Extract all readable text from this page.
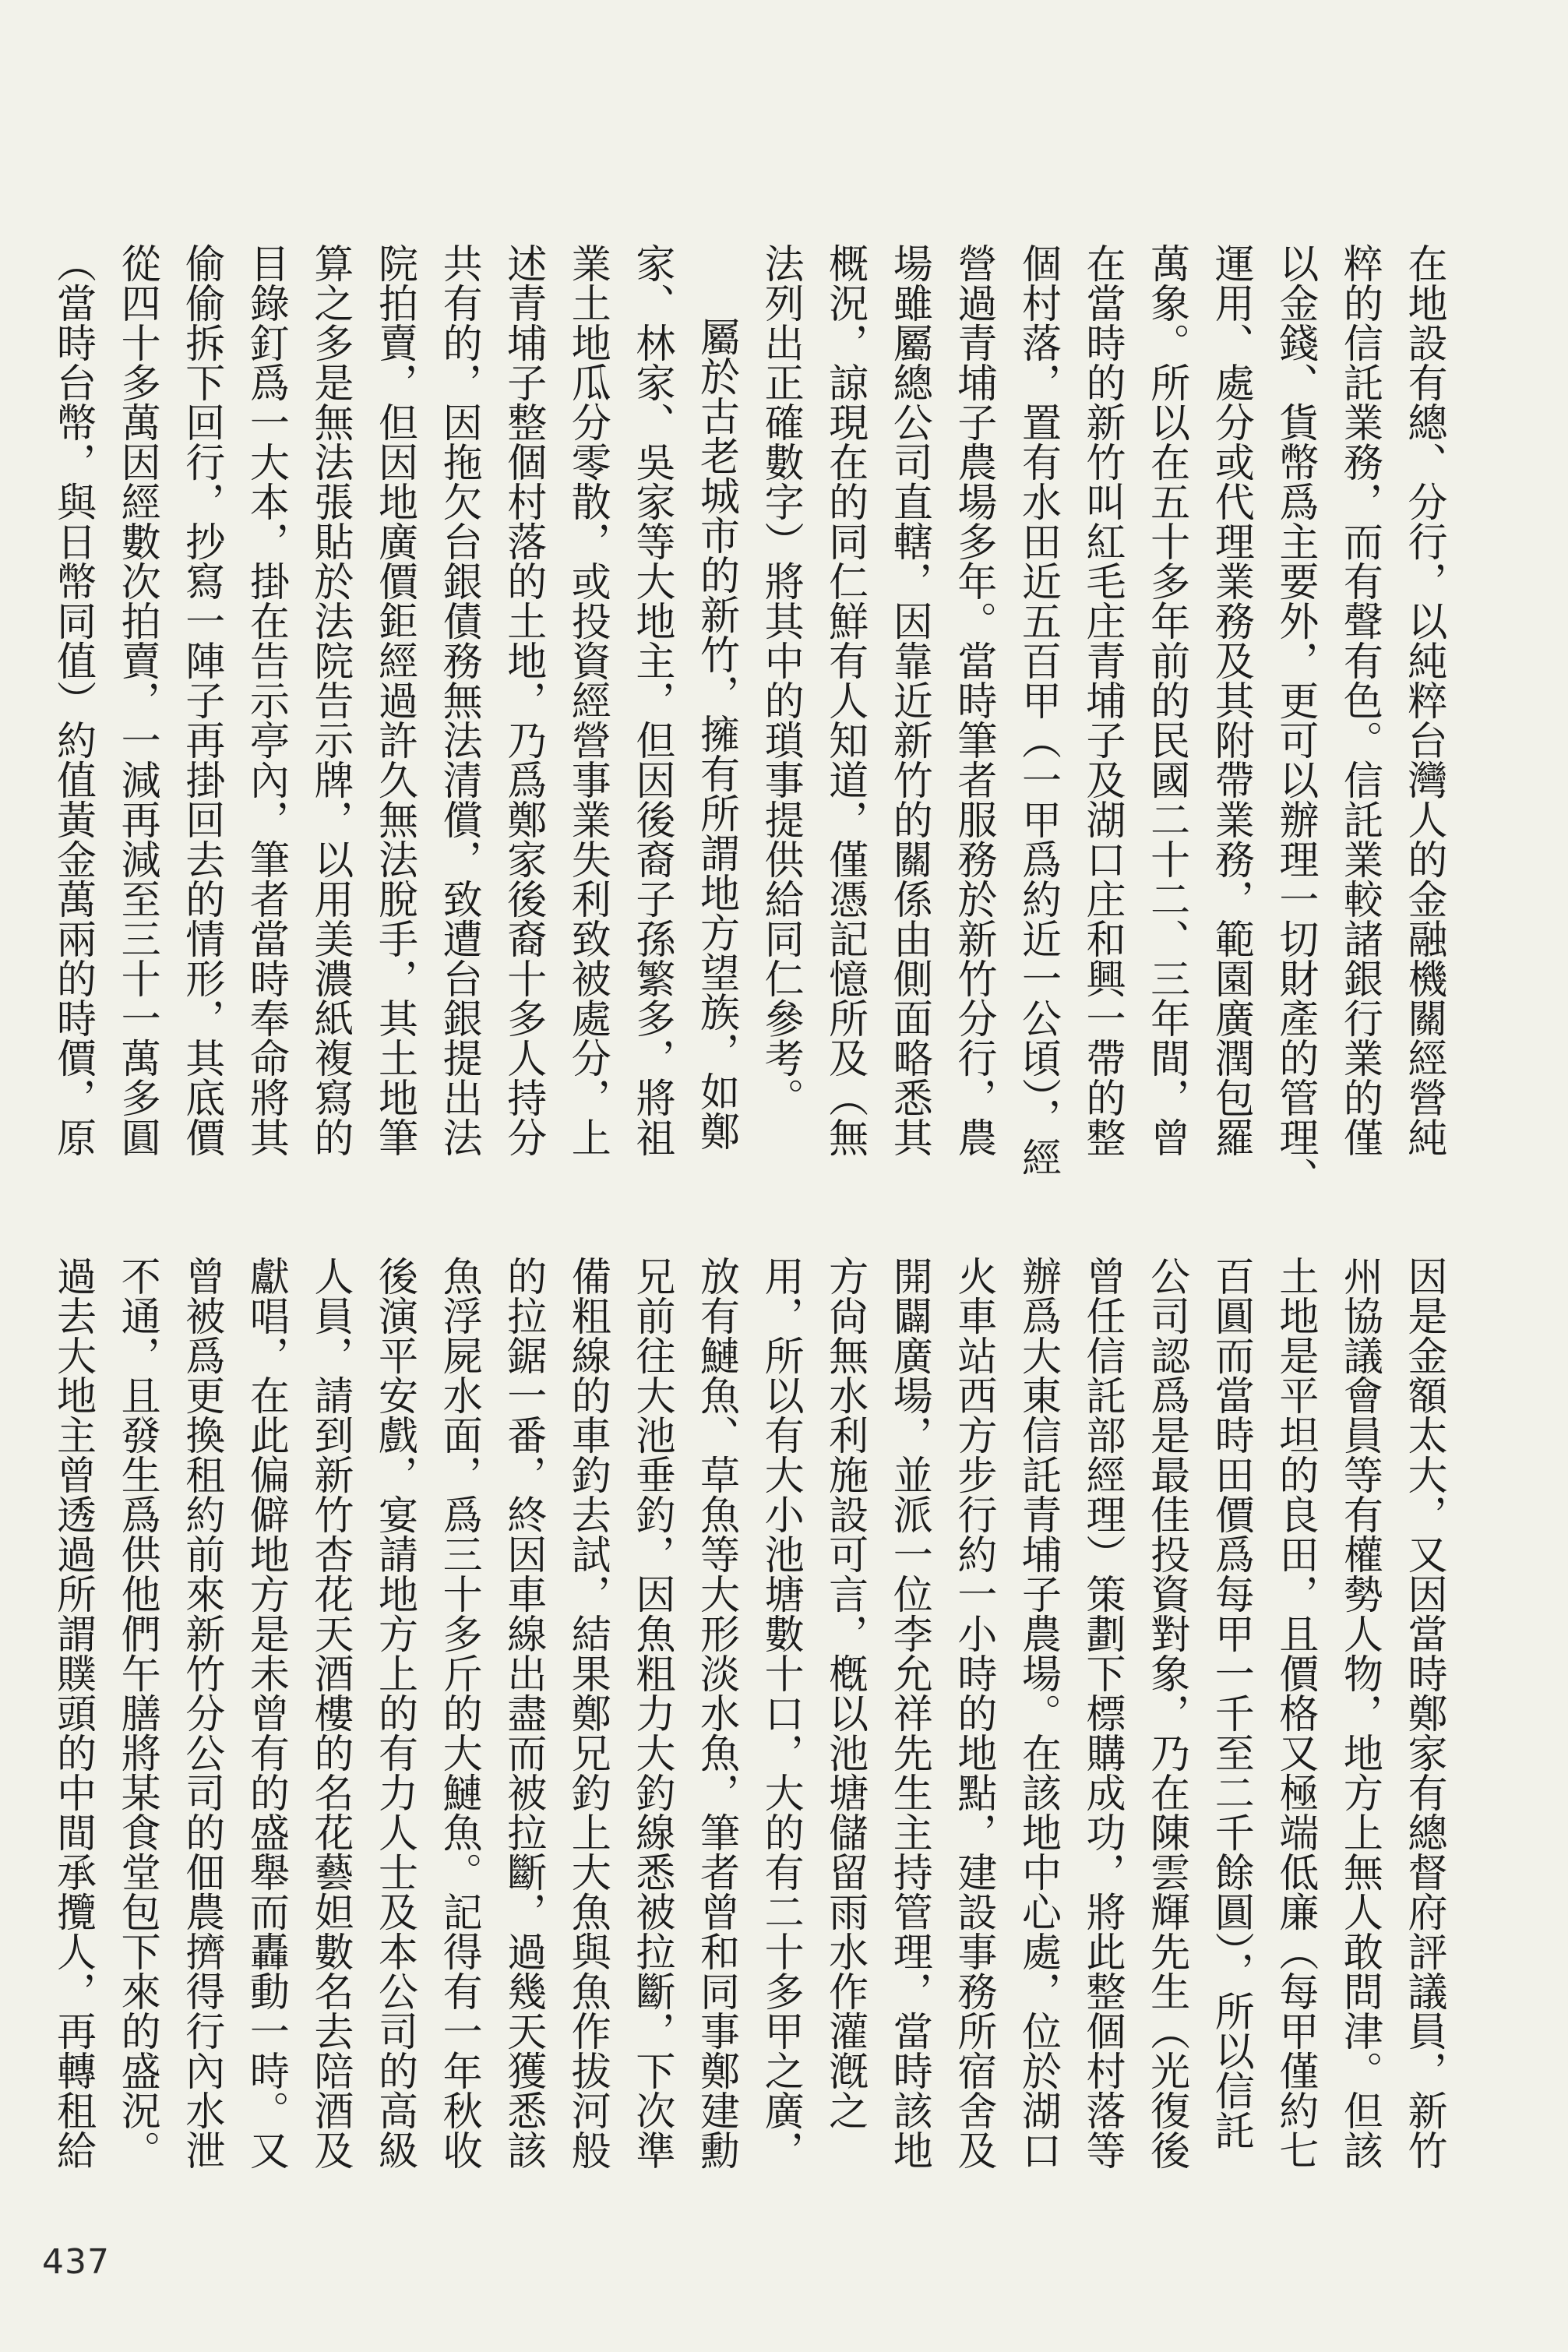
在地設有總、分行，以純粹台灣人的金融機關經營純

粹的信託業務，而有聲有色。信託業較諸銀行業的僅

以金錢、貨幣爲主要外，更可以辦理一切財產的管理、

運用、處分或代理業務及其附帶業務，範園廣潤包羅

萬象。所以在五十多年前的民國二十二、三年間，曾

在當時的新竹叫紅毛庄青埔子及湖口庄和興一帶的整

個村落，置有水田近五百甲（一甲爲約近一公頃），經

營過青埔子農場多年。當時筆者服務於新竹分行，農

場雖屬總公司直轄，因靠近新竹的關係由側面略悉其

概況，諒現在的同仁鮮有人知道，僅憑記憶所及（無

法列出正確數字）將其中的瑣事提供給同仁參考。

屬於古老城市的新竹，擁有所謂地方望族，如鄭

家、林家、吳家等大地主，但因後裔子孫繁多，將祖

業土地瓜分零散，或投資經營事業失利致被處分，上

述青埔子整個村落的土地，乃爲鄭家後裔十多人持分

共有的，因拖欠台銀債務無法清償，致遭台銀提出法

院拍賣，但因地廣價鉅經過許久無法脫手，其土地筆

算之多是無法張貼於法院告示牌，以用美濃紙複寫的

目錄釘爲一大本，掛在告示亭內，筆者當時奉命將其

偷偷拆下回行，抄寫一陣子再掛回去的情形，其底價

從四十多萬因經數次拍賣，一減再減至三十一萬多圓

（當時台幣，與日幣同值）約值黃金萬兩的時價，原

因是金額太大，又因當時鄭家有總督府評議員，新竹

州協議會員等有權勢人物，地方上無人敢問津。但該

土地是平坦的良田，且價格又極端低廉（每甲僅約七

百圓而當時田價爲每甲一千至二千餘圓），所以信託

公司認爲是最佳投資對象，乃在陳雲輝先生（光復後

曾任信託部經理）策劃下標購成功，將此整個村落等

辦爲大東信託青埔子農場。在該地中心處，位於湖口

火車站西方步行約一小時的地點，建設事務所宿舍及

開闢廣場，並派一位李允祥先生主持管理，當時該地

方尙無水利施設可言，槪以池塘儲留雨水作灌漑之

用，所以有大小池塘數十口，大的有二十多甲之廣，

放有鰱魚、草魚等大形淡水魚，筆者曾和同事鄭建勳

兄前往大池垂釣，因魚粗力大釣線悉被拉斷，下次準

備粗線的車釣去試，結果鄭兄釣上大魚與魚作拔河般

的拉鋸一番，終因車線出盡而被拉斷，過幾天獲悉該

魚浮屍水面，爲三十多斤的大鰱魚。記得有一年秋收

後演平安戲，宴請地方上的有力人士及本公司的高級

人員，請到新竹杏花天酒樓的名花藝妲數名去陪酒及

獻唱，在此偏僻地方是未曾有的盛舉而轟動一時。又

曾被爲更換租約前來新竹分公司的佃農擠得行內水泄

不通，且發生爲供他們午膳將某食堂包下來的盛況。

過去大地主曾透過所謂贌頭的中間承攬人，再轉租給

437
